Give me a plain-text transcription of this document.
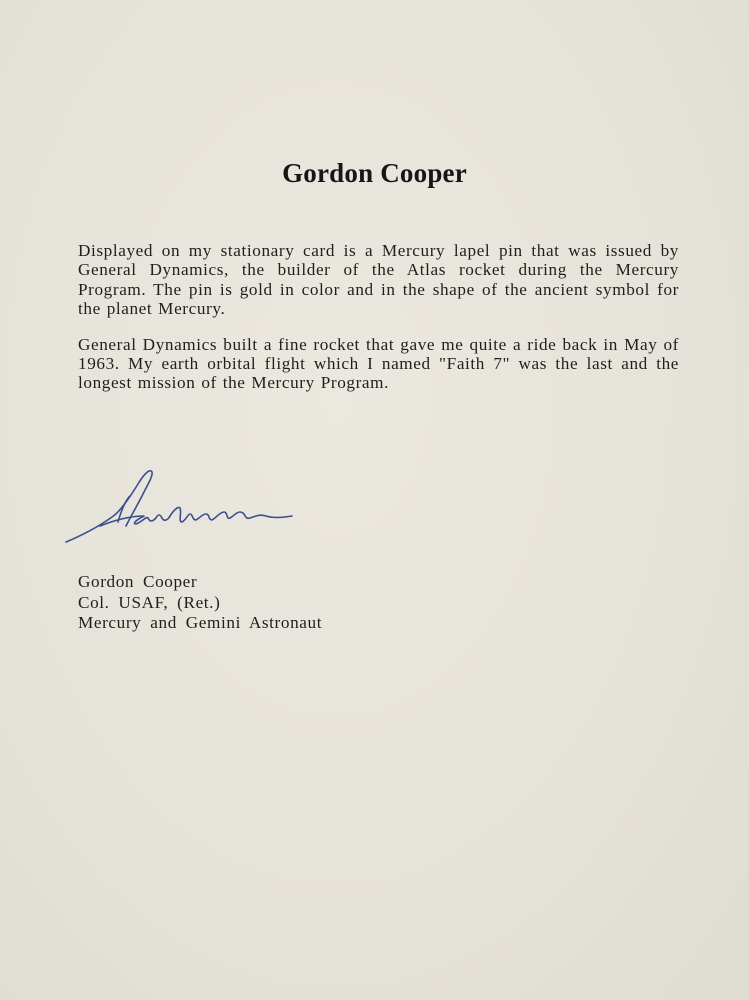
Gordon Cooper

Displayed on my stationary card is a Mercury lapel pin that was issued by General Dynamics, the builder of the Atlas rocket during the Mercury Program. The pin is gold in color and in the shape of the ancient symbol for the planet Mercury.

General Dynamics built a fine rocket that gave me quite a ride back in May of 1963. My earth orbital flight which I named "Faith 7" was the last and the longest mission of the Mercury Program.

Gordon Cooper
Col. USAF, (Ret.)
Mercury and Gemini Astronaut
